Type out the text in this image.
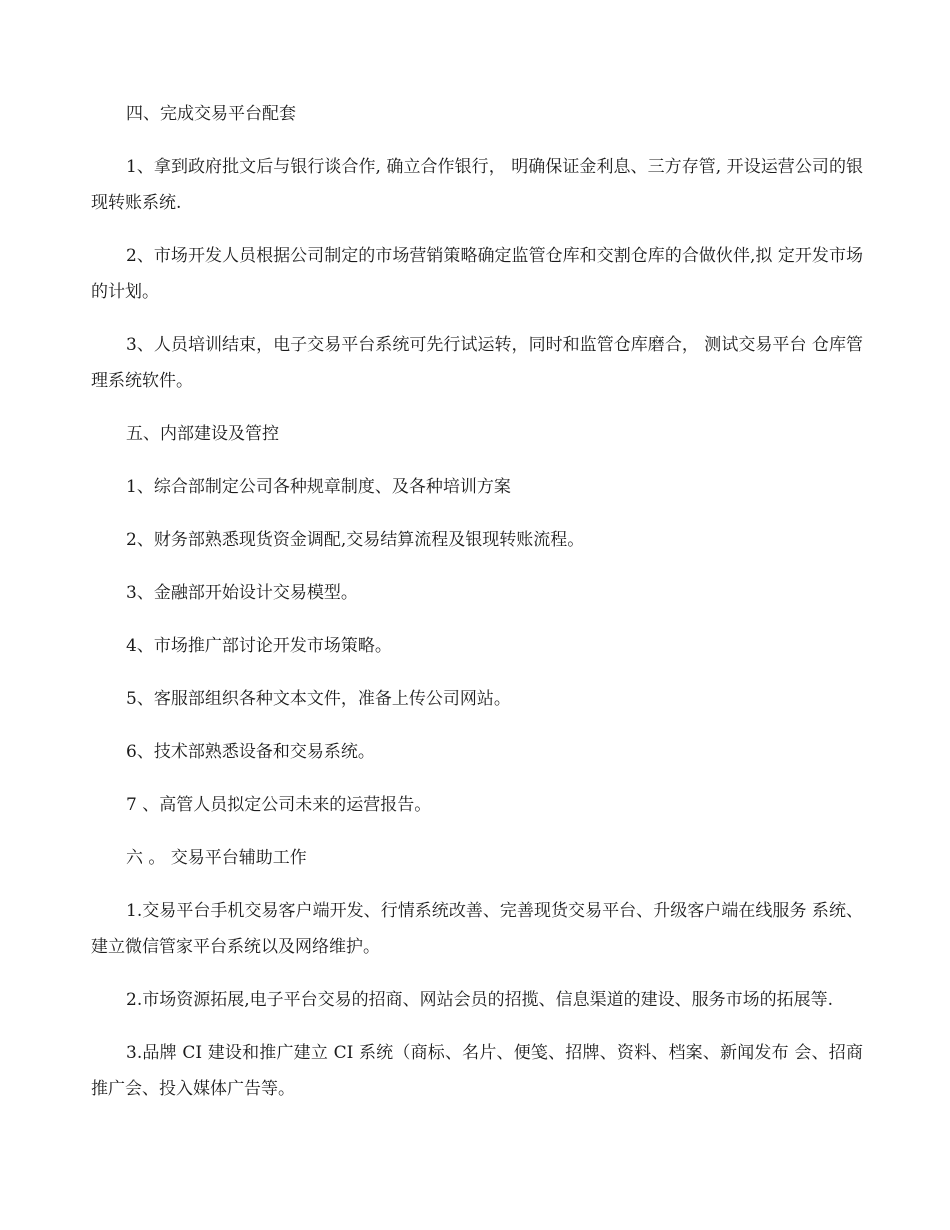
四、完成交易平台配套

1、拿到政府批文后与银行谈合作, 确立合作银行， 明确保证金利息、三方存管, 开设运营公司的银现转账系统.

2、市场开发人员根据公司制定的市场营销策略确定监管仓库和交割仓库的合做伙伴,拟 定开发市场的计划。

3、人员培训结束，电子交易平台系统可先行试运转，同时和监管仓库磨合， 测试交易平台 仓库管理系统软件。

五、内部建设及管控

1、综合部制定公司各种规章制度、及各种培训方案

2、财务部熟悉现货资金调配,交易结算流程及银现转账流程。

3、金融部开始设计交易模型。

4、市场推广部讨论开发市场策略。

5、客服部组织各种文本文件，准备上传公司网站。

6、技术部熟悉设备和交易系统。

7 、高管人员拟定公司未来的运营报告。

六 。 交易平台辅助工作

1.交易平台手机交易客户端开发、行情系统改善、完善现货交易平台、升级客户端在线服务 系统、建立微信管家平台系统以及网络维护。

2.市场资源拓展,电子平台交易的招商、网站会员的招揽、信息渠道的建设、服务市场的拓展等.

3.品牌 CI 建设和推广建立 CI 系统（商标、名片、便笺、招牌、资料、档案、新闻发布 会、招商推广会、投入媒体广告等。
